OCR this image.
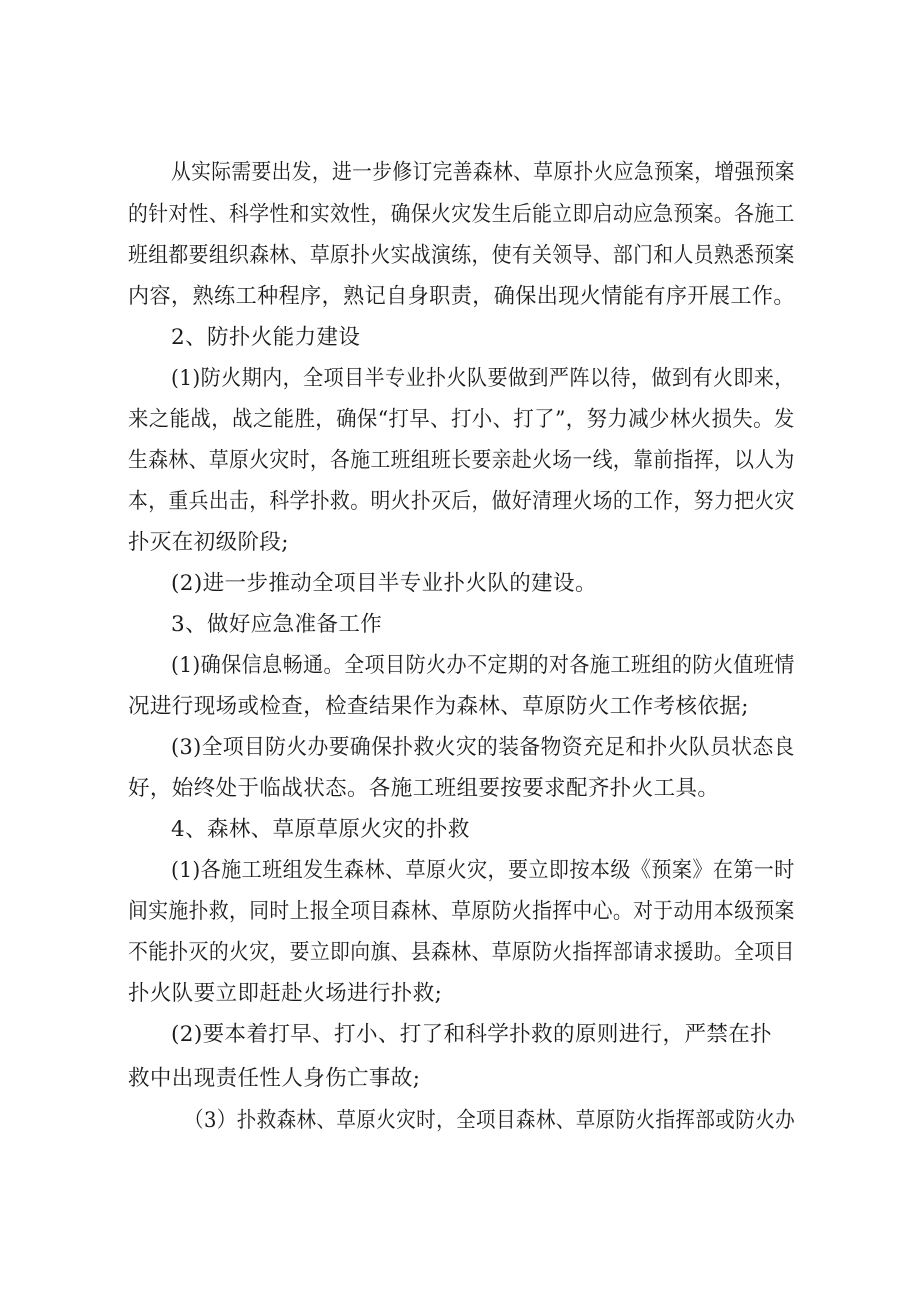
从实际需要出发，进一步修订完善森林、草原扑火应急预案，增强预案
的针对性、科学性和实效性，确保火灾发生后能立即启动应急预案。各施工
班组都要组织森林、草原扑火实战演练，使有关领导、部门和人员熟悉预案
内容，熟练工种程序，熟记自身职责，确保出现火情能有序开展工作。
2、防扑火能力建设
(1)防火期内，全项目半专业扑火队要做到严阵以待，做到有火即来，
来之能战，战之能胜，确保“打早、打小、打了”，努力减少林火损失。发
生森林、草原火灾时，各施工班组班长要亲赴火场一线，靠前指挥，以人为
本，重兵出击，科学扑救。明火扑灭后，做好清理火场的工作，努力把火灾
扑灭在初级阶段;
(2)进一步推动全项目半专业扑火队的建设。
3、做好应急准备工作
(1)确保信息畅通。全项目防火办不定期的对各施工班组的防火值班情
况进行现场或检查，检查结果作为森林、草原防火工作考核依据;
(3)全项目防火办要确保扑救火灾的装备物资充足和扑火队员状态良
好，始终处于临战状态。各施工班组要按要求配齐扑火工具。
4、森林、草原草原火灾的扑救
(1)各施工班组发生森林、草原火灾，要立即按本级《预案》在第一时
间实施扑救，同时上报全项目森林、草原防火指挥中心。对于动用本级预案
不能扑灭的火灾，要立即向旗、县森林、草原防火指挥部请求援助。全项目
扑火队要立即赶赴火场进行扑救;
(2)要本着打早、打小、打了和科学扑救的原则进行，严禁在扑
救中出现责任性人身伤亡事故;
（3）扑救森林、草原火灾时，全项目森林、草原防火指挥部或防火办
